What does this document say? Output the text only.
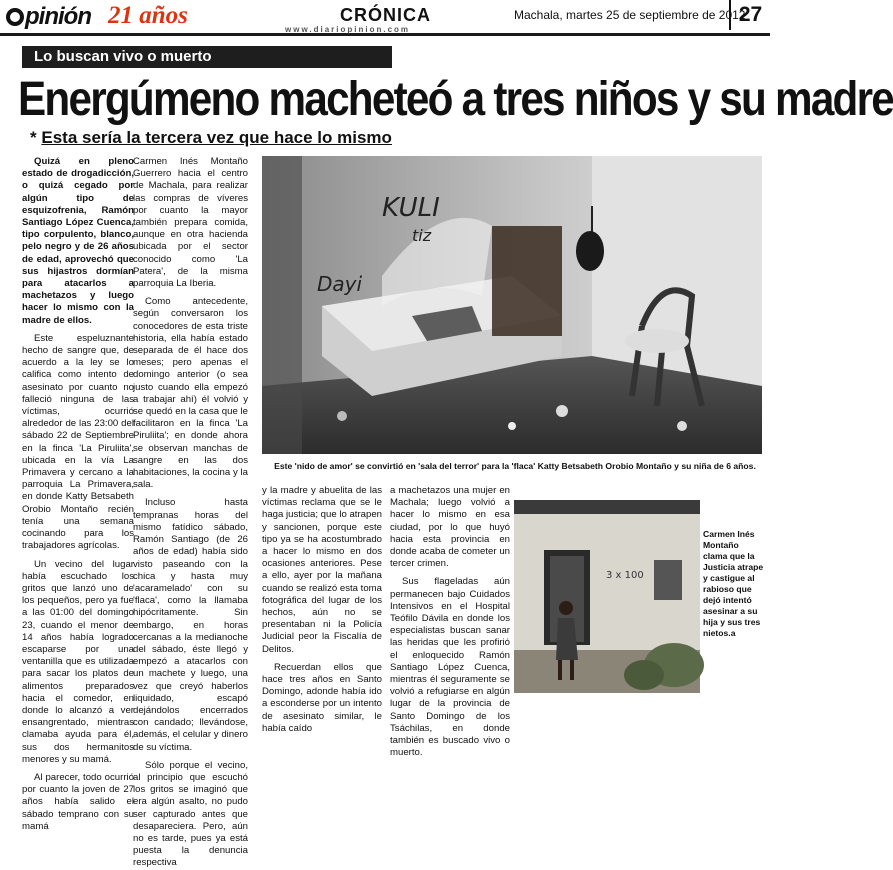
pinión 21 años	CRÓNICA
www.diariopinion.com
Machala, martes 25 de septiembre de 2012
27
Lo buscan vivo o muerto
Energúmeno macheteó a tres niños y su madre
* Esta sería la tercera vez que hace lo mismo

Quizá en pleno estado de drogadicción, o quizá cegado por algún tipo de esquizofrenia, Ramón Santiago López Cuenca, tipo corpulento, blanco, pelo negro y de 26 años de edad, aprovechó que sus hijastros dormían para atacarlos a machetazos y luego hacer lo mismo con la madre de ellos.

Este espeluznante hecho de sangre que, de acuerdo a la ley se lo califica como intento de asesinato por cuanto no falleció ninguna de las víctimas, ocurrió alrededor de las 23:00 del sábado 22 de Septiembre en la finca 'La Piruliita', ubicada en la vía La Primavera y cercano a la parroquia La Primavera, en donde Katty Betsabeth Orobio Montaño recién tenía una semana cocinando para los trabajadores agrícolas.

Un vecino del lugar había escuchado los gritos que lanzó uno de los pequeños, pero ya fue a las 01:00 del domingo 23, cuando el menor de 14 años había logrado escaparse por una ventanilla que es utilizada para sacar los platos de alimentos preparados hacia el comedor, en donde lo alcanzó a ver ensangrentado, mientras clamaba ayuda para él, sus dos hermanitos menores y su mamá.

Al parecer, todo ocurrió por cuanto la joven de 27 años había salido el sábado temprano con su mamá

Carmen Inés Montaño Guerrero hacia el centro de Machala, para realizar las compras de víveres por cuanto la mayor también prepara comida, aunque en otra hacienda ubicada por el sector conocido como 'La Patera', de la misma parroquia La Iberia.

Como antecedente, según conversaron los conocedores de esta triste historia, ella había estado separada de él hace dos meses; pero apenas el domingo anterior (o sea justo cuando ella empezó a trabajar ahí) él volvió y se quedó en la casa que le facilitaron en la finca 'La Piruliita'; en donde ahora se observan manchas de sangre en las dos habitaciones, la cocina y la sala.

Incluso hasta tempranas horas del mismo fatídico sábado, Ramón Santiago (de 26 años de edad) había sido visto paseando con la chica y hasta muy 'acaramelado' con su 'flaca', como la llamaba hipócritamente. Sin embargo, en horas cercanas a la medianoche del sábado, éste llegó y empezó a atacarlos con un machete y luego, una vez que creyó haberlos liquidado, escapó dejándolos encerrados con candado; llevándose, además, el celular y dinero de su víctima.

Sólo porque el vecino, al principio que escuchó los gritos se imaginó que era algún asalto, no pudo ser capturado antes que desapareciera. Pero, aún no es tarde, pues ya está puesta la denuncia respectiva

KULI
Dayi
tiz
Este 'nido de amor' se convirtió en 'sala del terror' para la 'flaca' Katty Betsabeth Orobio Montaño y su niña de 6 años.

y la madre y abuelita de las víctimas reclama que se le haga justicia; que lo atrapen y sancionen, porque este tipo ya se ha acostumbrado a hacer lo mismo en dos ocasiones anteriores. Pese a ello, ayer por la mañana cuando se realizó esta toma fotográfica del lugar de los hechos, aún no se presentaban ni la Policía Judicial peor la Fiscalía de Delitos.

Recuerdan ellos que hace tres años en Santo Domingo, adonde había ido a esconderse por un intento de asesinato similar, le había caído

a machetazos una mujer en Machala; luego volvió a hacer lo mismo en esa ciudad, por lo que huyó hacia esta provincia en donde acaba de cometer un tercer crimen.

Sus flageladas aún permanecen bajo Cuidados Intensivos en el Hospital Teófilo Dávila en donde los especialistas buscan sanar las heridas que les profirió el enloquecido Ramón Santiago López Cuenca, mientras él seguramente se volvió a refugiarse en algún lugar de la provincia de Santo Domingo de los Tsáchilas, en donde también es buscado vivo o muerto.

3 x 100
Carmen Inés Montaño clama que la Justicia atrape y castigue al rabioso que dejó intentó asesinar a su hija y sus tres nietos.a
